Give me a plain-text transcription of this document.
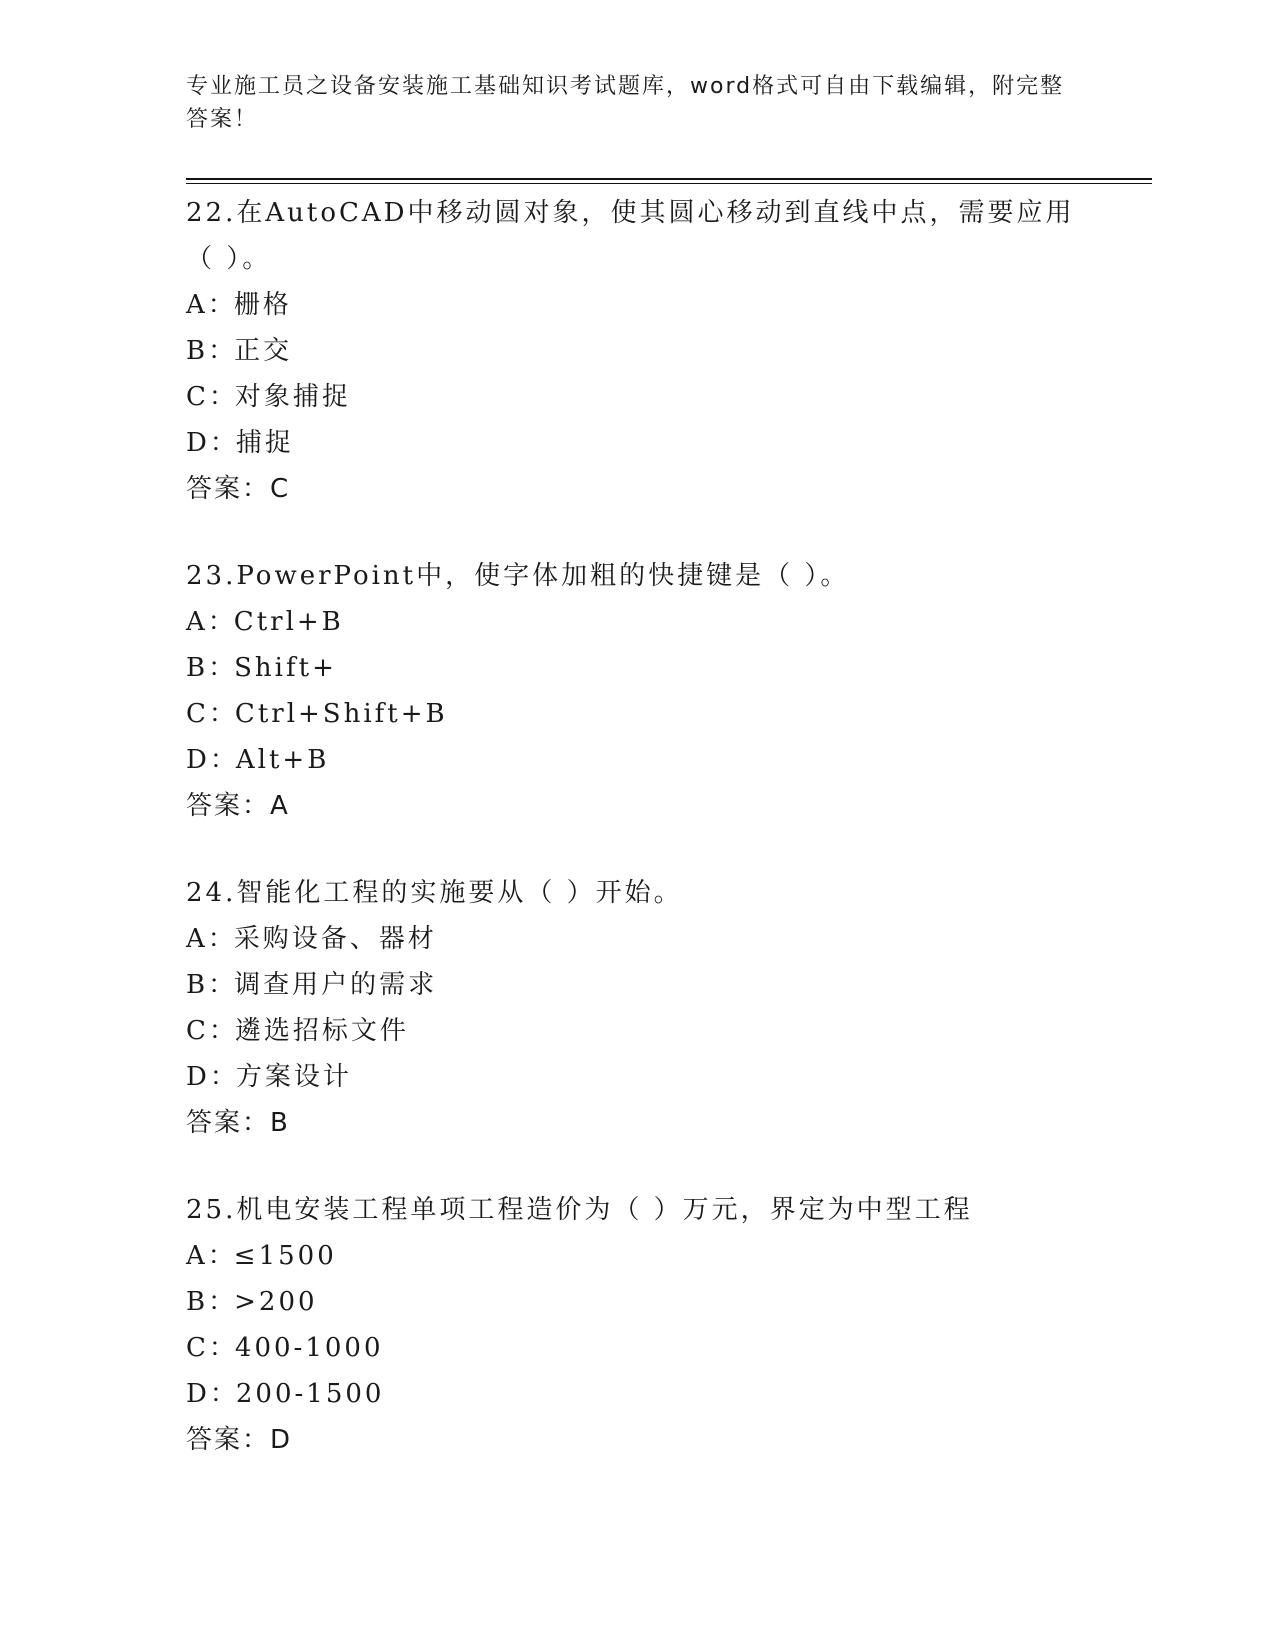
专业施工员之设备安装施工基础知识考试题库，word格式可自由下载编辑，附完整答案！
22.在AutoCAD中移动圆对象，使其圆心移动到直线中点，需要应用（ ）。
A：栅格
B：正交
C：对象捕捉
D：捕捉
答案：C
23.PowerPoint中，使字体加粗的快捷键是（ ）。
A：Ctrl+B
B：Shift+
C：Ctrl+Shift+B
D：Alt+B
答案：A
24.智能化工程的实施要从（ ）开始。
A：采购设备、器材
B：调查用户的需求
C：遴选招标文件
D：方案设计
答案：B
25.机电安装工程单项工程造价为（ ）万元，界定为中型工程
A：≤1500
B：>200
C：400-1000
D：200-1500
答案：D
